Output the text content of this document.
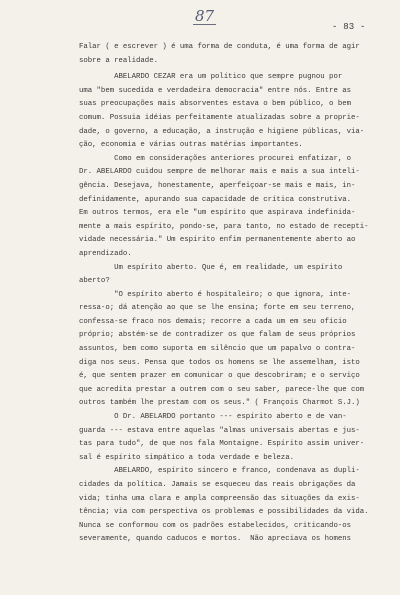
87
- 83 -
Falar ( e escrever ) é uma forma de conduta, é uma forma de agir
sobre a realidade.
ABELARDO CEZAR era um político que sempre pugnou por
uma "bem sucedida e verdadeira democracia" entre nós. Entre as
suas preocupações mais absorventes estava o bem público, o bem
comum. Possuia idéias perfeitamente atualizadas sobre a proprie-
dade, o governo, a educação, a instrução e higiene públicas, via-
ção, economia e várias outras matérias importantes.
Como em considerações anteriores procurei enfatizar, o
Dr. ABELARDO cuidou sempre de melhorar mais e mais a sua inteli-
gência. Desejava, honestamente, aperfeiçoar-se mais e mais, in-
definidamente, apurando sua capacidade de crítica construtiva.
Em outros termos, era ele "um espírito que aspirava indefinida-
mente a mais espírito, pondo-se, para tanto, no estado de recepti-
vidade necessária." Um espírito enfim permanentemente aberto ao
aprendizado.
Um espírito aberto. Que é, em realidade, um espírito
aberto?
"O espírito aberto é hospitaleiro; o que ignora, inte-
ressa-o; dá atenção ao que se lhe ensina; forte em seu terreno,
confessa-se fraco nos demais; recorre a cada um em seu ofício
próprio; abstém-se de contradizer os que falam de seus próprios
assuntos, bem como suporta em silêncio que um papalvo o contra-
diga nos seus. Pensa que todos os homens se lhe assemelham, isto
é, que sentem prazer em comunicar o que descobriram; e o serviço
que acredita prestar a outrem com o seu saber, parece-lhe que com
outros também lhe prestam com os seus." ( François Charmot S.J.)
O Dr. ABELARDO portanto --- espírito aberto e de van-
guarda --- estava entre aquelas "almas universais abertas e jus-
tas para tudo", de que nos fala Montaigne. Espírito assim univer-
sal é espírito simpático a toda verdade e beleza.
ABELARDO, espírito sincero e franco, condenava as dupli-
cidades da política. Jamais se esqueceu das reais obrigações da
vida; tinha uma clara e ampla compreensão das situações da exis-
tência; via com perspectiva os problemas e possibilidades da vida.
Nunca se conformou com os padrões estabelecidos, criticando-os
severamente, quando caducos e mortos.  Não apreciava os homens
